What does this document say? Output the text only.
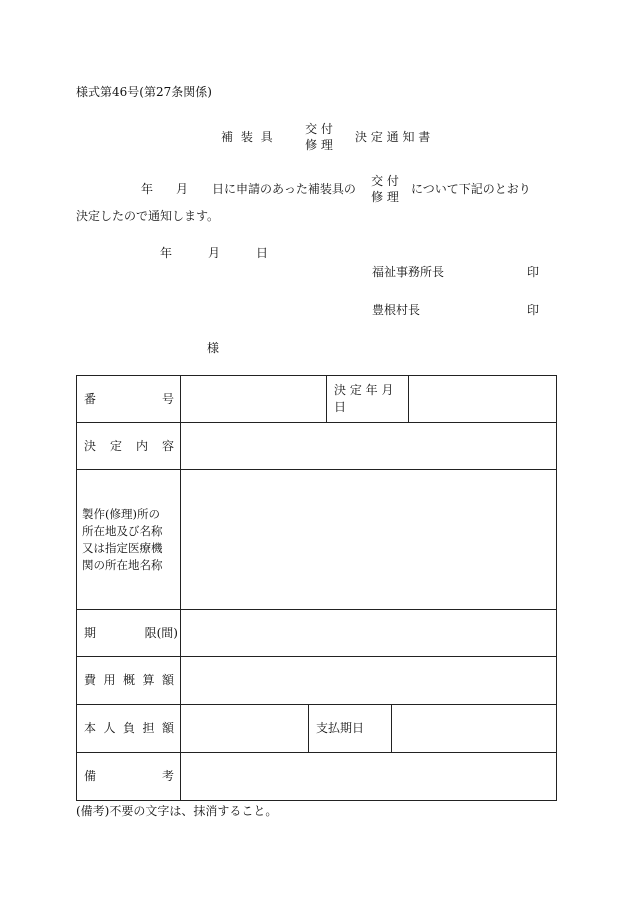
様式第46号(第27条関係)
補 装 具
交 付
修 理
決 定 通 知 書
年 月 日に申請のあった補装具の
交 付
修 理
について下記のとおり
決定したので通知します。
年	月	日
福祉事務所長	印
豊根村長	印
様
番 号			決 定 年 月 日		

決 定 内 容					

製作(修理)所の
所在地及び名称
又は指定医療機
関の所在地名称					

期 限(間)					

費 用 概 算 額					

本 人 負 担 額		支払期日			

備 考					

(備考)不要の文字は、抹消すること。
